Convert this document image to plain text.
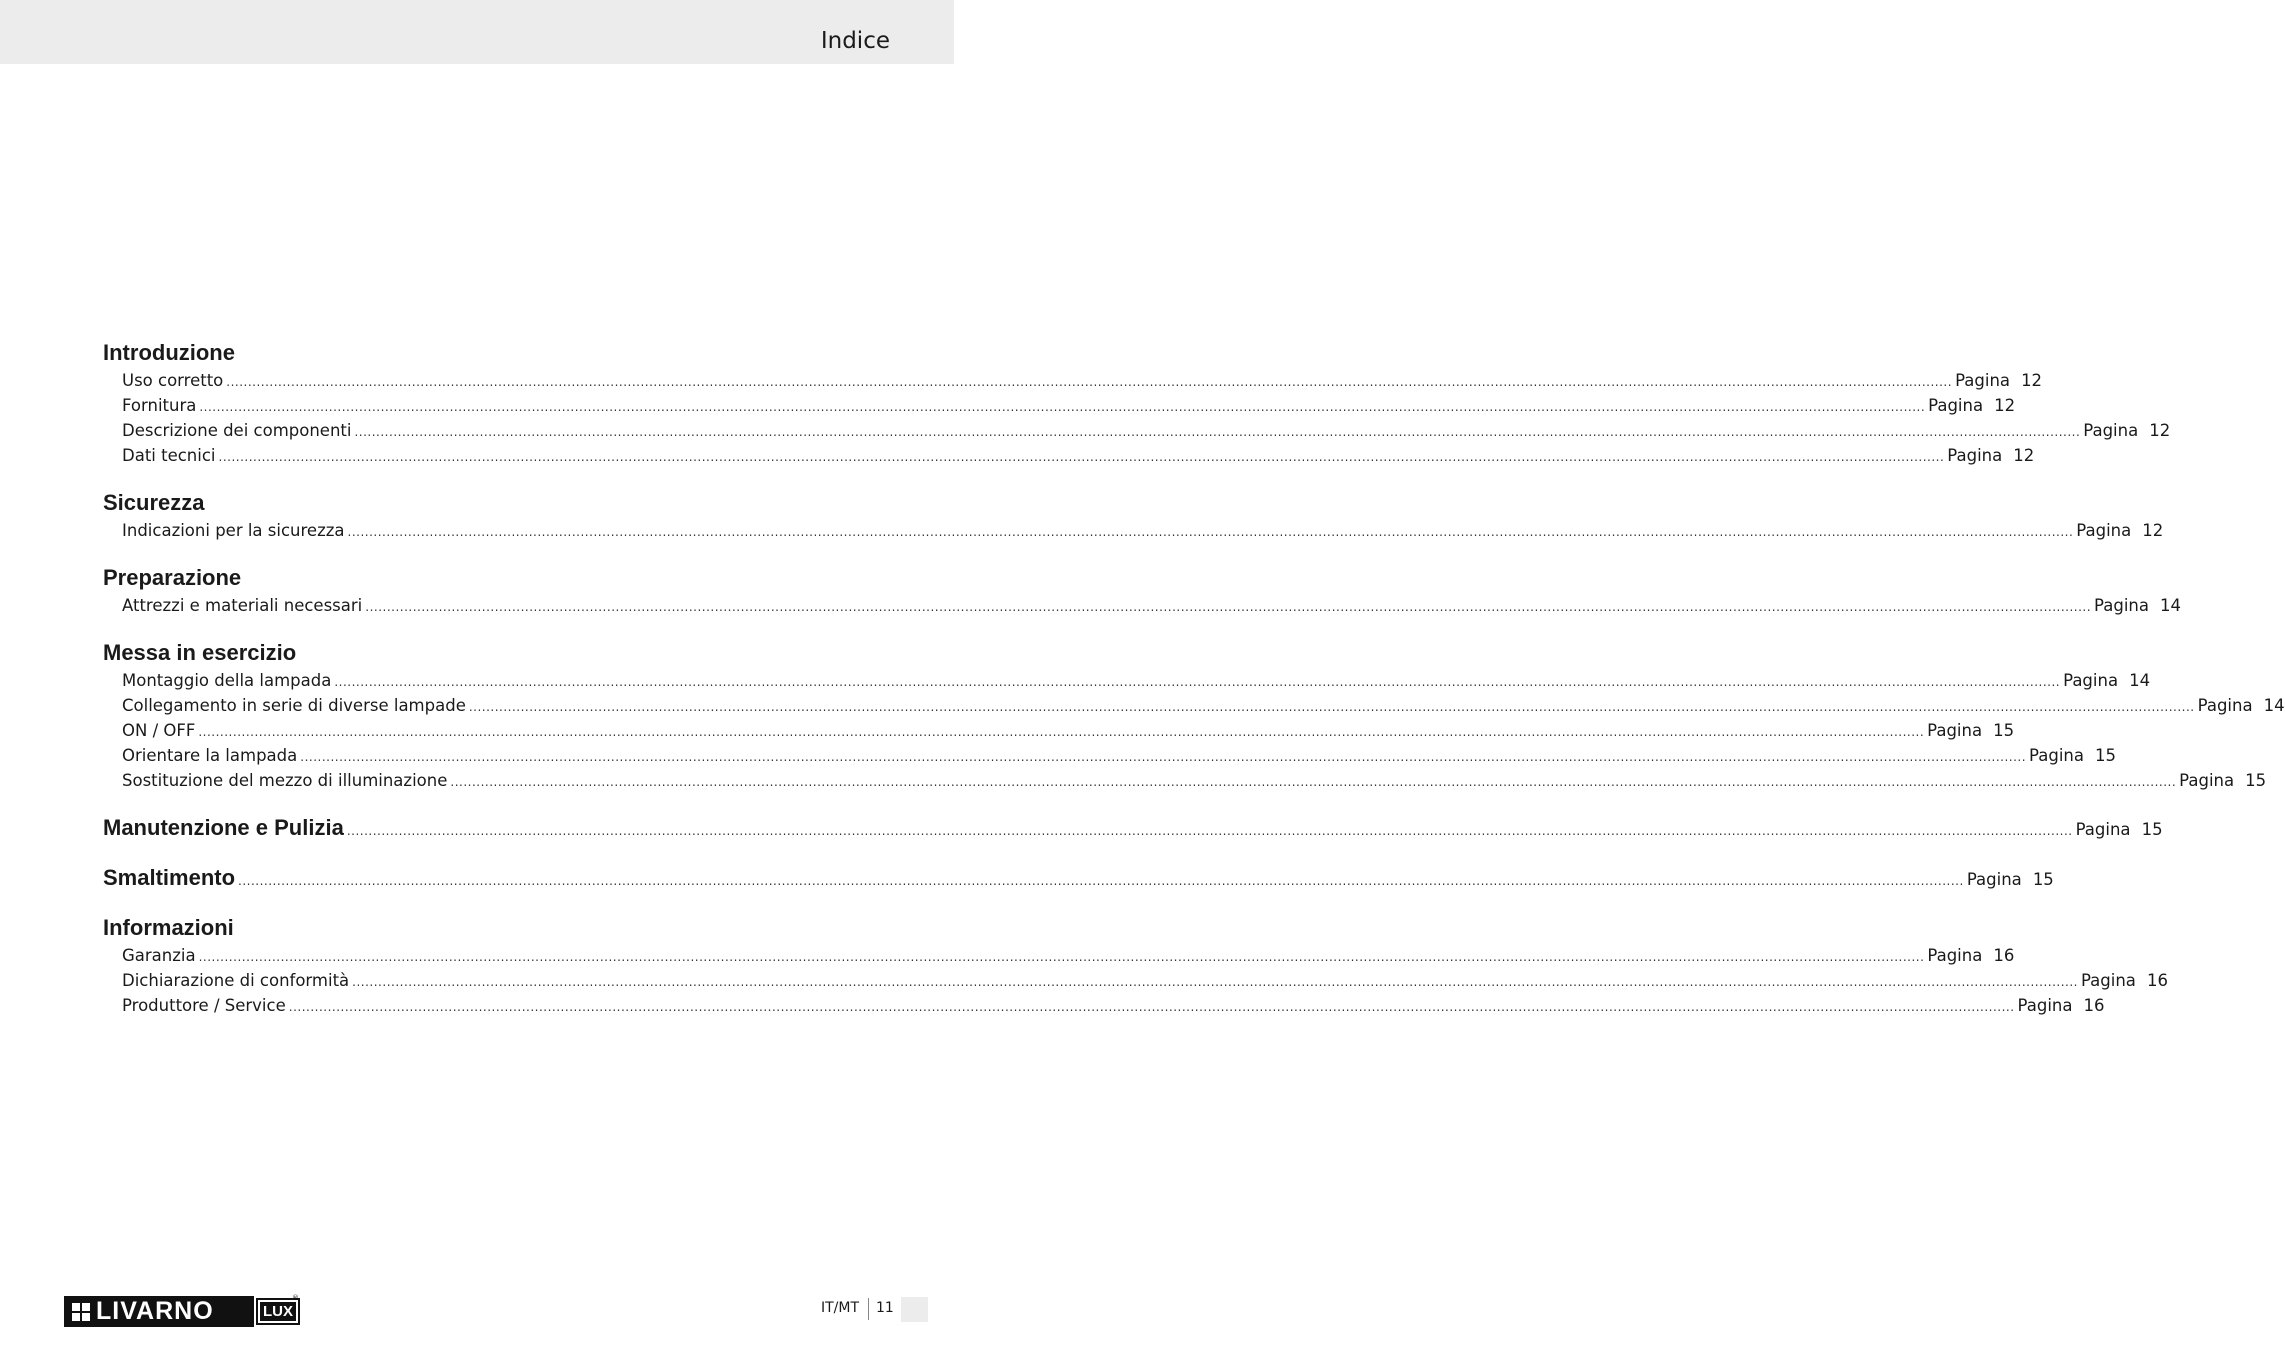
Indice
Introduzione
Uso corretto ................................................................................................................................................................................................................................................................................................................................................................................................................ Pagina 12
Fornitura ................................................................................................................................................................................................................................................................................................................................................................................................................ Pagina 12
Descrizione dei componenti ................................................................................................................................................................................................................................................................................................................................................................................................................ Pagina 12
Dati tecnici ................................................................................................................................................................................................................................................................................................................................................................................................................ Pagina 12
Sicurezza
Indicazioni per la sicurezza ................................................................................................................................................................................................................................................................................................................................................................................................................ Pagina 12
Preparazione
Attrezzi e materiali necessari ................................................................................................................................................................................................................................................................................................................................................................................................................ Pagina 14
Messa in esercizio
Montaggio della lampada ................................................................................................................................................................................................................................................................................................................................................................................................................ Pagina 14
Collegamento in serie di diverse lampade ................................................................................................................................................................................................................................................................................................................................................................................................................ Pagina 14
ON / OFF ................................................................................................................................................................................................................................................................................................................................................................................................................ Pagina 15
Orientare la lampada ................................................................................................................................................................................................................................................................................................................................................................................................................ Pagina 15
Sostituzione del mezzo di illuminazione ................................................................................................................................................................................................................................................................................................................................................................................................................ Pagina 15
Manutenzione e Pulizia ................................................................................................................................................................................................................................................................................................................................................................................................................ Pagina 15
Smaltimento ................................................................................................................................................................................................................................................................................................................................................................................................................ Pagina 15
Informazioni
Garanzia ................................................................................................................................................................................................................................................................................................................................................................................................................ Pagina 16
Dichiarazione di conformità ................................................................................................................................................................................................................................................................................................................................................................................................................ Pagina 16
Produttore / Service ................................................................................................................................................................................................................................................................................................................................................................................................................ Pagina 16
LIVARNO	LUX
®
IT/MT 11
